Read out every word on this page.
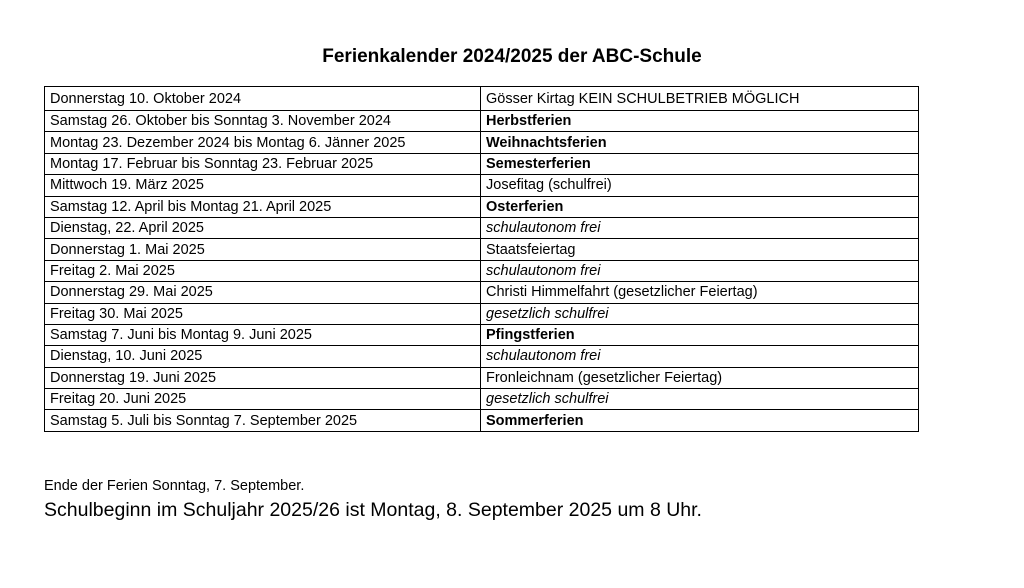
Ferienkalender 2024/2025 der ABC-Schule
Donnerstag 10. Oktober 2024	Gösser Kirtag KEIN SCHULBETRIEB MÖGLICH
Samstag 26. Oktober bis Sonntag 3. November 2024	Herbstferien
Montag 23. Dezember 2024 bis Montag 6. Jänner 2025	Weihnachtsferien
Montag 17. Februar bis Sonntag 23. Februar 2025	Semesterferien
Mittwoch 19. März 2025	Josefitag (schulfrei)
Samstag 12. April bis Montag 21. April 2025	Osterferien
Dienstag, 22. April 2025	schulautonom frei
Donnerstag 1. Mai 2025	Staatsfeiertag
Freitag 2. Mai 2025	schulautonom frei
Donnerstag 29. Mai 2025	Christi Himmelfahrt (gesetzlicher Feiertag)
Freitag 30. Mai 2025	gesetzlich schulfrei
Samstag 7. Juni bis Montag 9. Juni 2025	Pfingstferien
Dienstag, 10. Juni 2025	schulautonom frei
Donnerstag 19. Juni 2025	Fronleichnam (gesetzlicher Feiertag)
Freitag 20. Juni 2025	gesetzlich schulfrei
Samstag 5. Juli bis Sonntag 7. September 2025	Sommerferien
Ende der Ferien Sonntag, 7. September.
Schulbeginn im Schuljahr 2025/26 ist Montag, 8. September 2025 um 8 Uhr.
